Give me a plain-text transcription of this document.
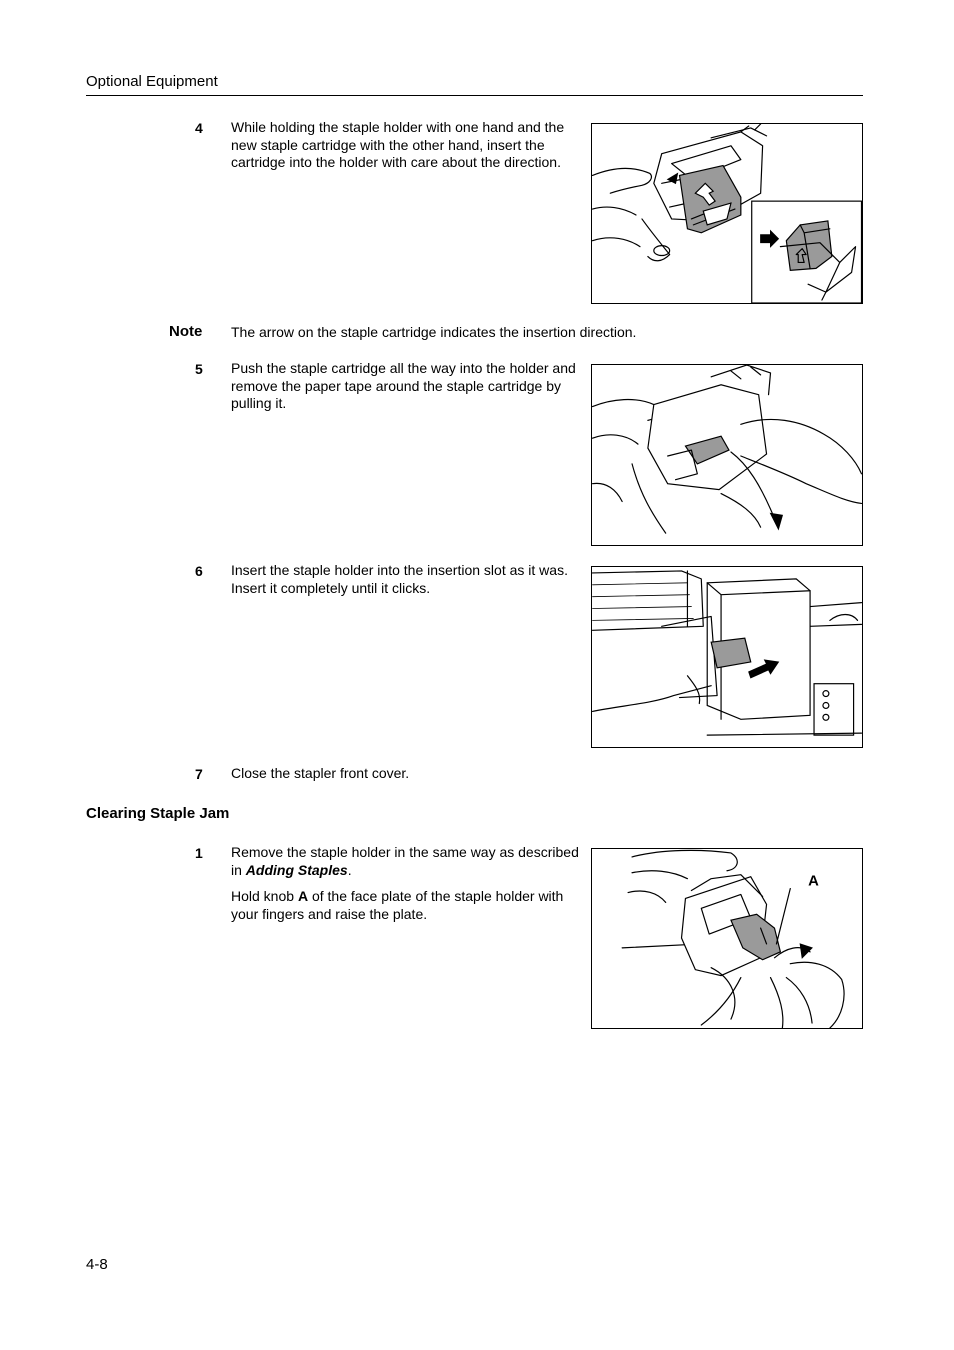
Optional Equipment
4 While holding the staple holder with one hand and the new staple cartridge with the other hand, insert the cartridge into the holder with care about the direction.
Note The arrow on the staple cartridge indicates the insertion direction.
5 Push the staple cartridge all the way into the holder and remove the paper tape around the staple cartridge by pulling it.
6 Insert the staple holder into the insertion slot as it was. Insert it completely until it clicks.
7 Close the stapler front cover.
Clearing Staple Jam
1 Remove the staple holder in the same way as described in Adding Staples.
Hold knob A of the face plate of the staple holder with your fingers and raise the plate.
A
4-8
